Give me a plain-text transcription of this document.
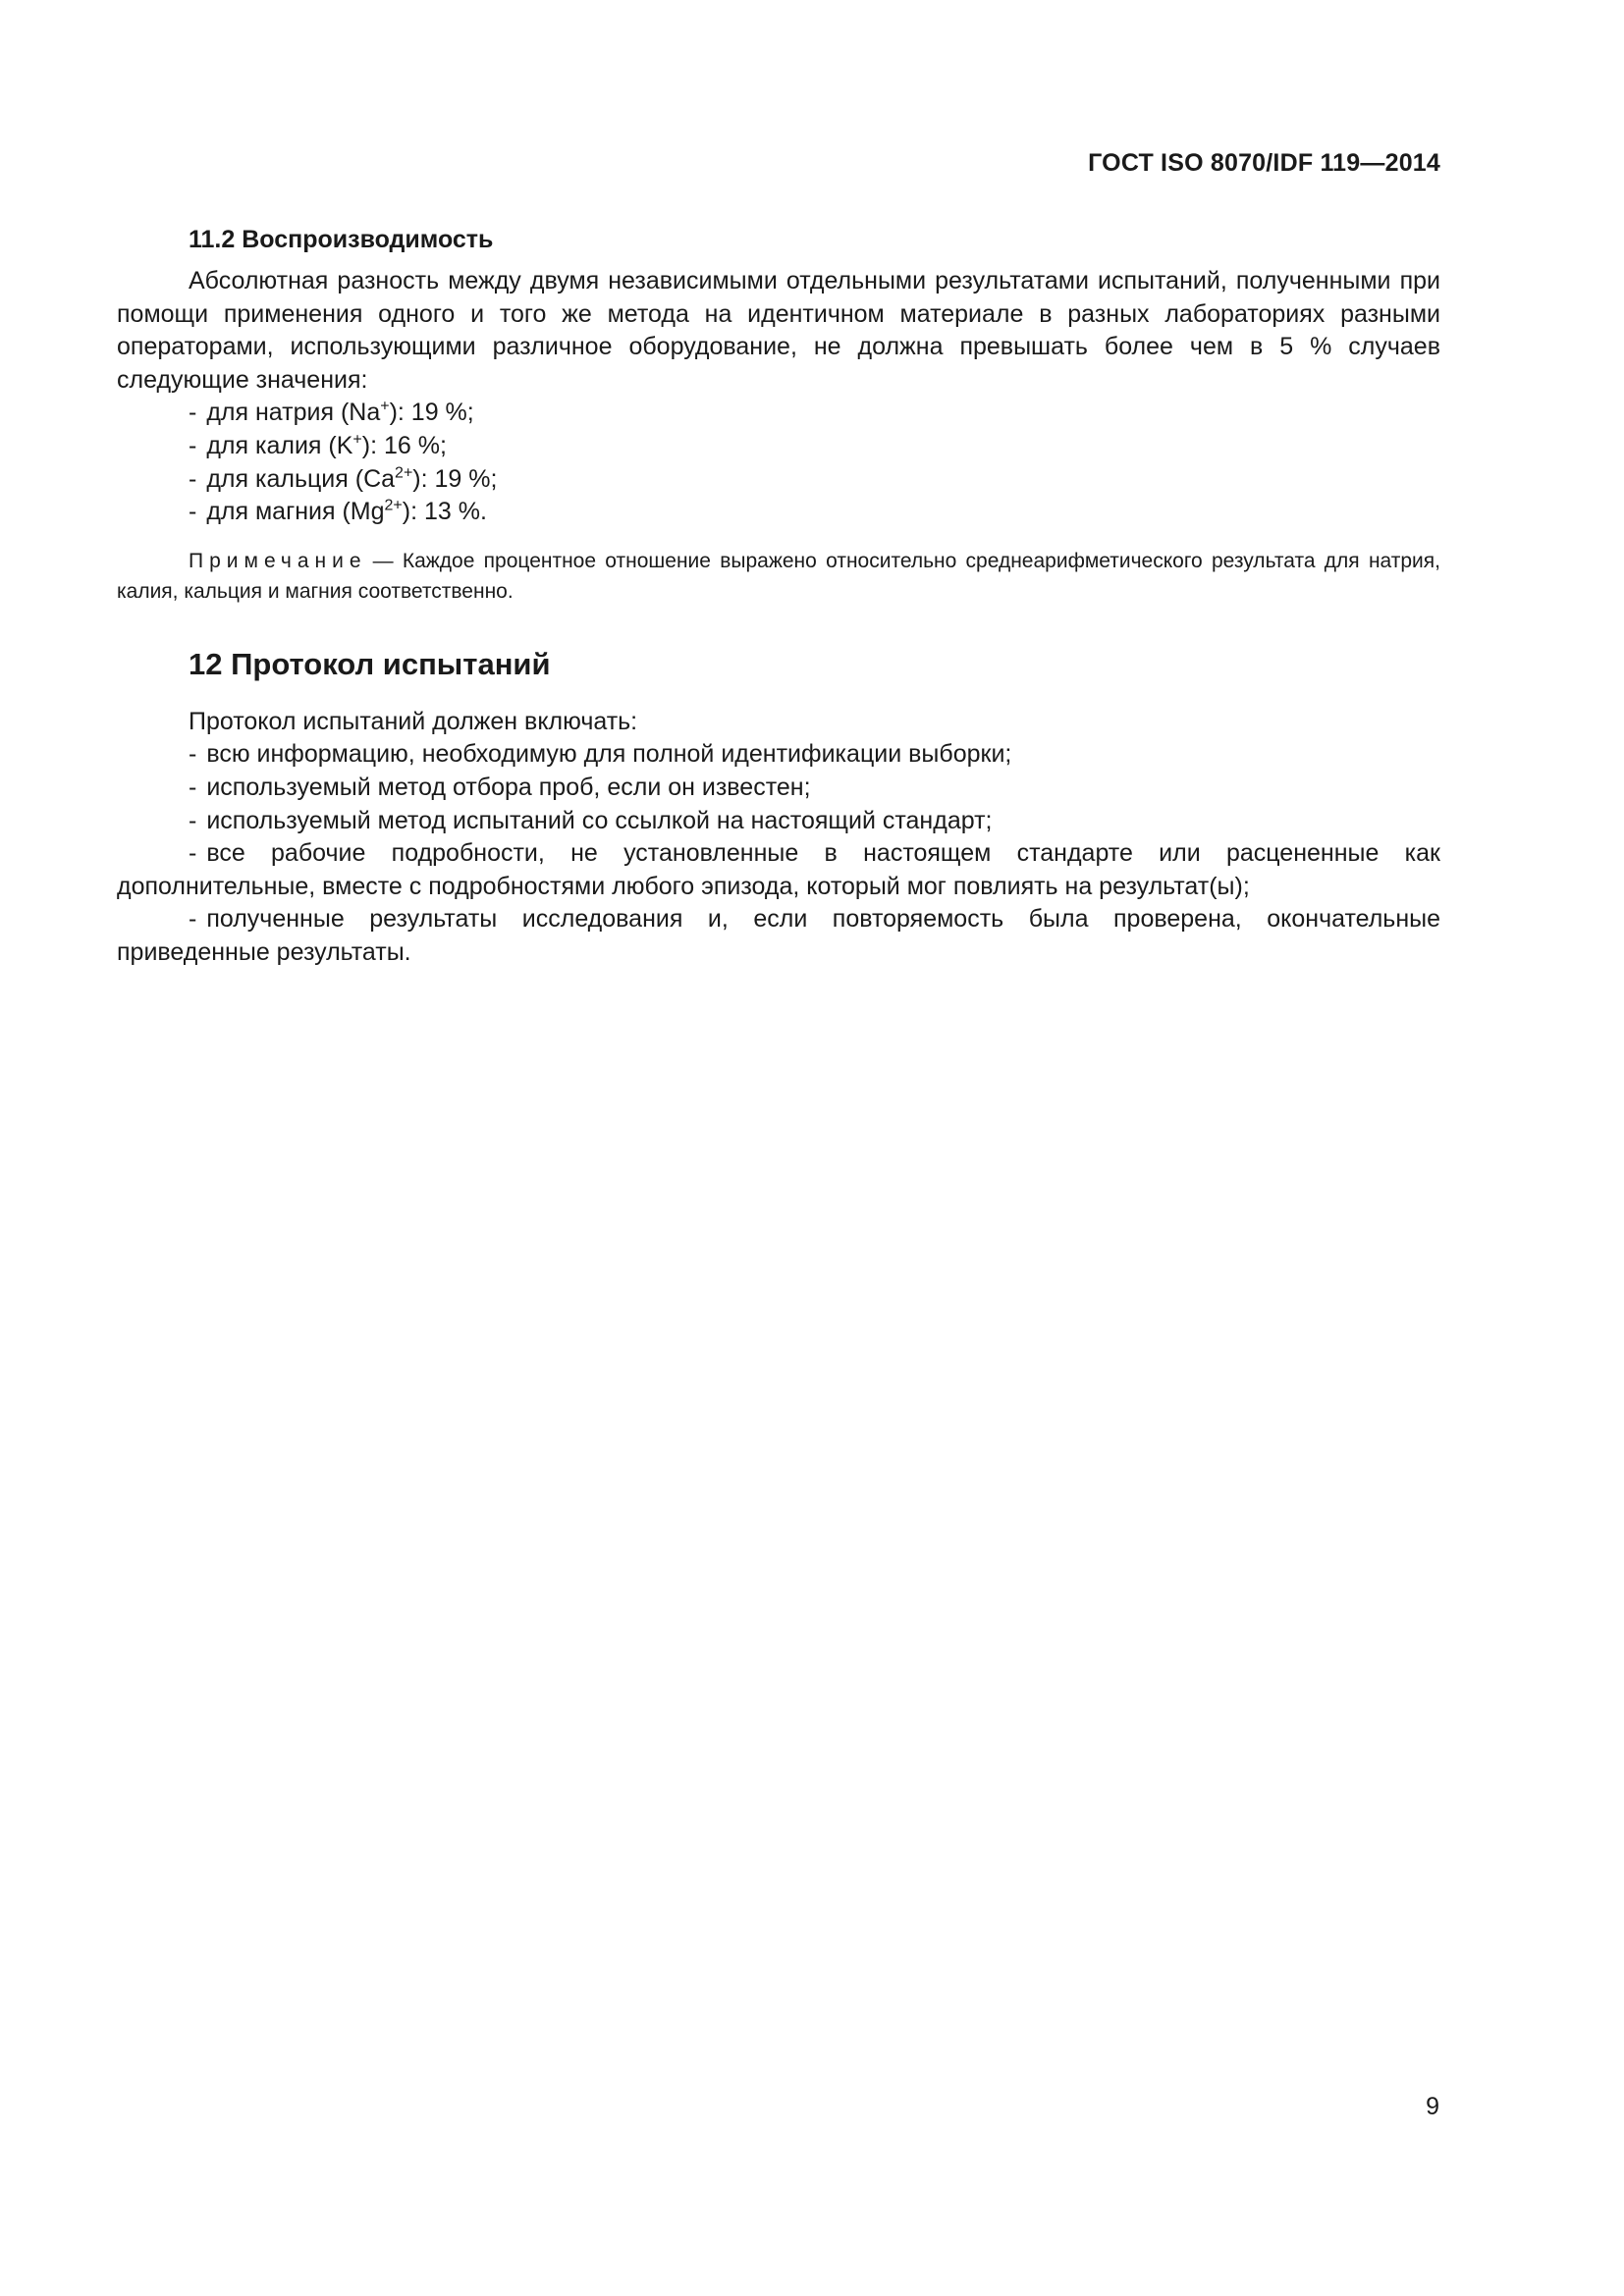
ГОСТ ISO 8070/IDF 119—2014
11.2 Воспроизводимость

Абсолютная разность между двумя независимыми отдельными результатами испытаний, полученными при помощи применения одного и того же метода на идентичном материале в разных лабораториях разными операторами, использующими различное оборудование, не должна превышать более чем в 5 % случаев следующие значения:

- для натрия (Na+): 19 %;
- для калия (K+): 16 %;
- для кальция $(Ca^{2+})$: 19 %;
- для магния $(Mg^{2+})$: 13 %.

Примечание — Каждое процентное отношение выражено относительно среднеарифметического результата для натрия, калия, кальция и магния соответственно.

12 Протокол испытаний

Протокол испытаний должен включать:

- всю информацию, необходимую для полной идентификации выборки;
- используемый метод отбора проб, если он известен;
- используемый метод испытаний со ссылкой на настоящий стандарт;
- все рабочие подробности, не установленные в настоящем стандарте или расцененные как дополнительные, вместе с подробностями любого эпизода, который мог повлиять на результат(ы);
- полученные результаты исследования и, если повторяемость была проверена, окончательные приведенные результаты.
9
